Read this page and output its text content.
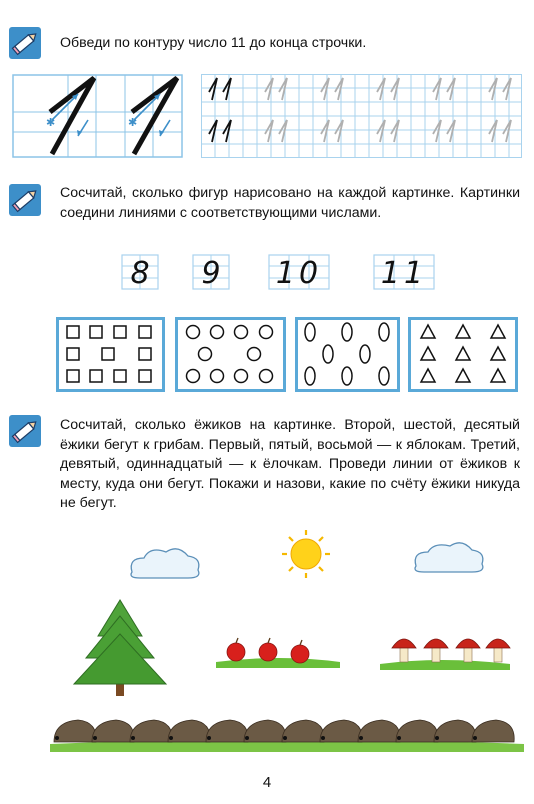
Обведи по контуру число 11 до конца строчки.
✱	✱
Сосчитай, сколько фигур нарисовано на каждой картинке. Картинки соедини линиями с соответствующими числами.
8 9 10 11
Сосчитай, сколько ёжиков на картинке. Второй, шестой, десятый ёжики бегут к грибам. Первый, пятый, восьмой — к яблокам. Третий, девятый, одиннадцатый — к ёлочкам. Проведи линии от ёжиков к месту, куда они бегут. Покажи и назови, какие по счёту ёжики никуда не бегут.
4
